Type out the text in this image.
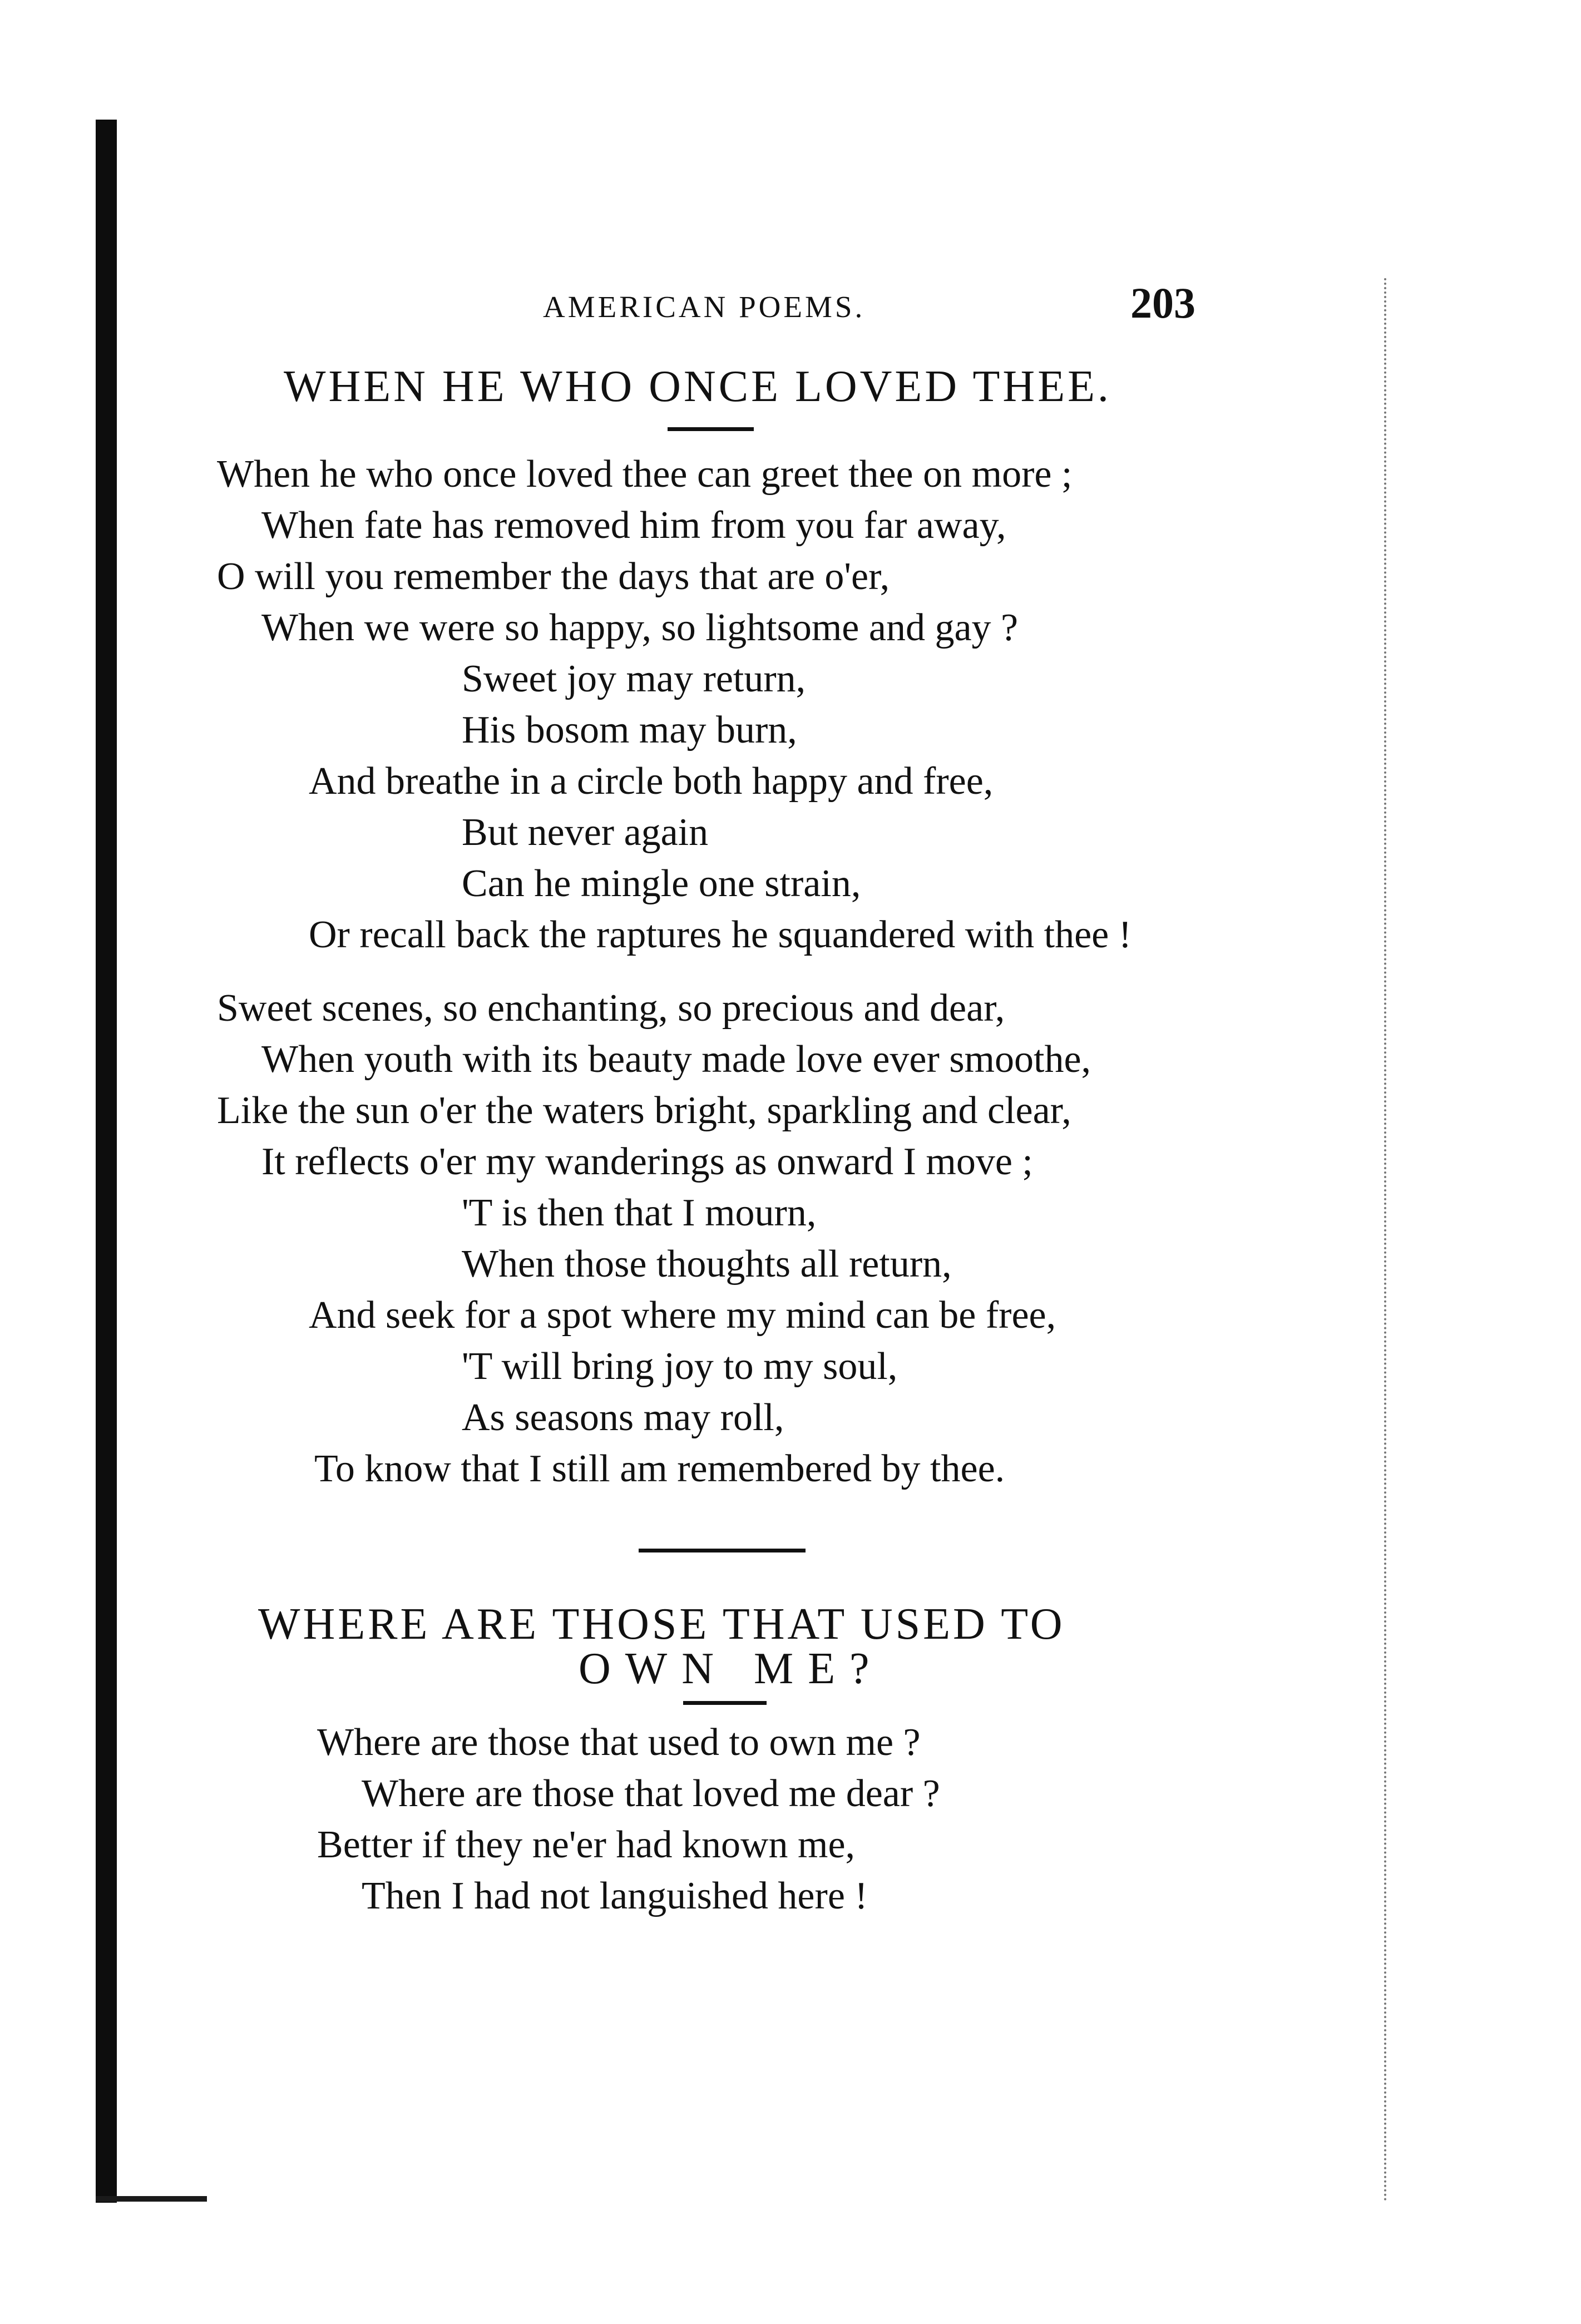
AMERICAN POEMS.	203
WHEN HE WHO ONCE LOVED THEE.
When he who once loved thee can greet thee on more ;
When fate has removed him from you far away,
O will you remember the days that are o'er,
When we were so happy, so lightsome and gay ?
Sweet joy may return,
His bosom may burn,
And breathe in a circle both happy and free,
But never again
Can he mingle one strain,
Or recall back the raptures he squandered with thee !
Sweet scenes, so enchanting, so precious and dear,
When youth with its beauty made love ever smoothe,
Like the sun o'er the waters bright, sparkling and clear,
It reflects o'er my wanderings as onward I move ;
'T is then that I mourn,
When those thoughts all return,
And seek for a spot where my mind can be free,
'T will bring joy to my soul,
As seasons may roll,
To know that I still am remembered by thee.
WHERE ARE THOSE THAT USED TO
OWN ME?
Where are those that used to own me ?
Where are those that loved me dear ?
Better if they ne'er had known me,
Then I had not languished here !
